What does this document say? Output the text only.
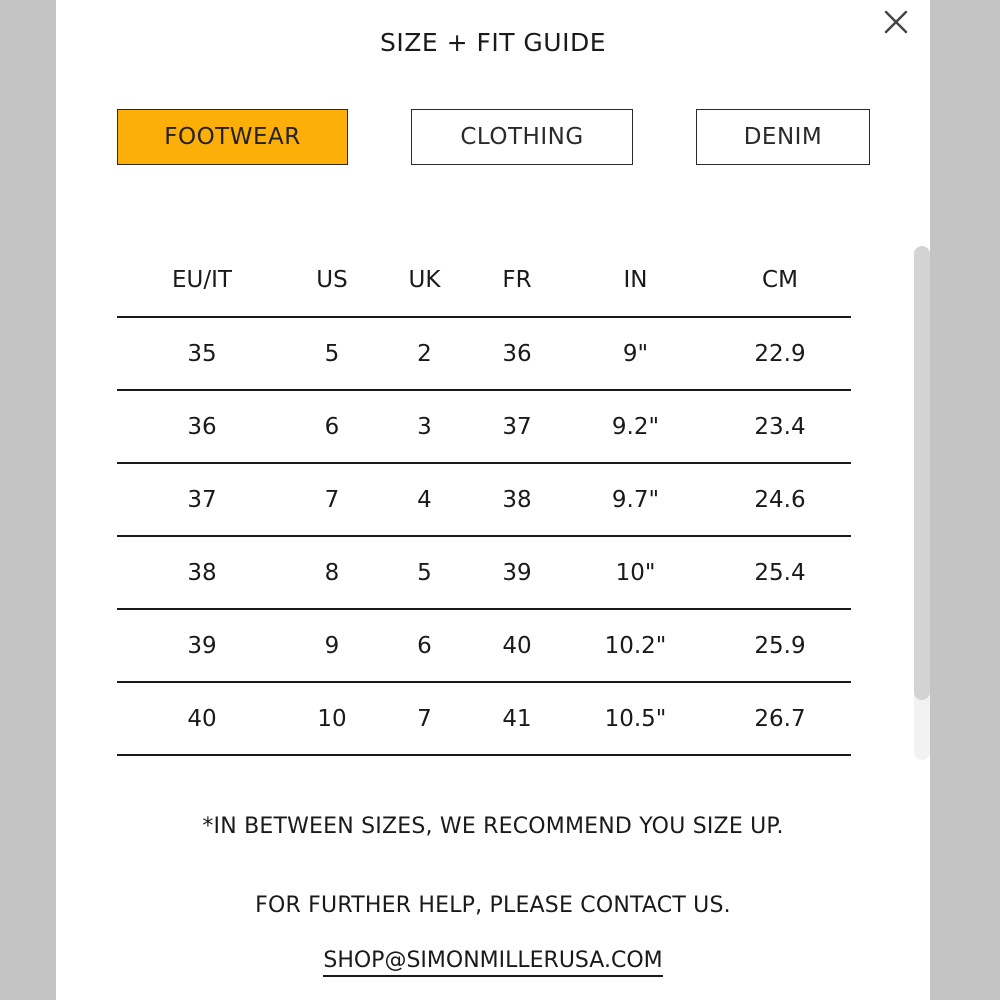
SIZE + FIT GUIDE
FOOTWEAR	CLOTHING	DENIM
EU/IT	US	UK	FR	IN	CM
35	5	2	36	9"	22.9
36	6	3	37	9.2"	23.4
37	7	4	38	9.7"	24.6
38	8	5	39	10"	25.4
39	9	6	40	10.2"	25.9
40	10	7	41	10.5"	26.7

*IN BETWEEN SIZES, WE RECOMMEND YOU SIZE UP.

FOR FURTHER HELP, PLEASE CONTACT US.

SHOP@SIMONMILLERUSA.COM
